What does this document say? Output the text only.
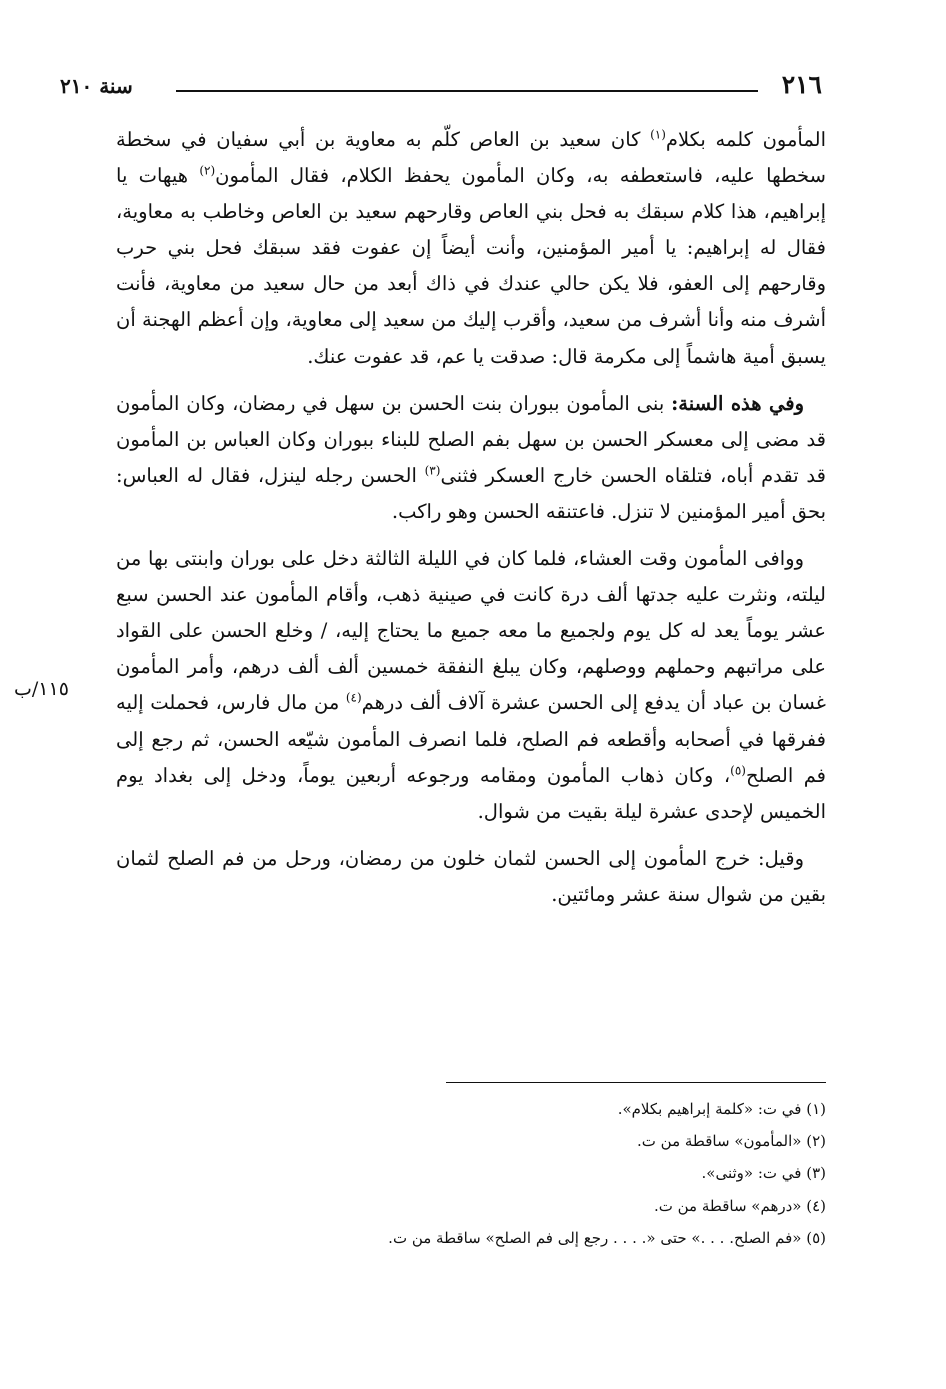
٢١٦
سنة ٢١٠
١١٥/ب

المأمون كلمه بكلام$^{(١)}$ كان سعيد بن العاص كلّم به معاوية بن أبي سفيان في سخطة سخطها عليه، فاستعطفه به، وكان المأمون يحفظ الكلام، فقال المأمون$^{(٢)}$ هيهات يا إبراهيم، هذا كلام سبقك به فحل بني العاص وقارحهم سعيد بن العاص وخاطب به معاوية، فقال له إبراهيم: يا أمير المؤمنين، وأنت أيضاً إن عفوت فقد سبقك فحل بني حرب وقارحهم إلى العفو، فلا يكن حالي عندك في ذاك أبعد من حال سعيد من معاوية، فأنت أشرف منه وأنا أشرف من سعيد، وأقرب إليك من سعيد إلى معاوية، وإن أعظم الهجنة أن يسبق أمية هاشماً إلى مكرمة قال: صدقت يا عم، قد عفوت عنك.

وفي هذه السنة: بنى المأمون ببوران بنت الحسن بن سهل في رمضان، وكان المأمون قد مضى إلى معسكر الحسن بن سهل بفم الصلح للبناء ببوران وكان العباس بن المأمون قد تقدم أباه، فتلقاه الحسن خارج العسكر فثنى$^{(٣)}$ الحسن رجله لينزل، فقال له العباس: بحق أمير المؤمنين لا تنزل. فاعتنقه الحسن وهو راكب.

ووافى المأمون وقت العشاء، فلما كان في الليلة الثالثة دخل على بوران وابنتى بها من ليلته، ونثرت عليه جدتها ألف درة كانت في صينية ذهب، وأقام المأمون عند الحسن سبع عشر يوماً يعد له كل يوم ولجميع ما معه جميع ما يحتاج إليه، / وخلع الحسن على القواد على مراتبهم وحملهم ووصلهم، وكان يبلغ النفقة خمسين ألف ألف درهم، وأمر المأمون غسان بن عباد أن يدفع إلى الحسن عشرة آلاف ألف درهم$^{(٤)}$ من مال فارس، فحملت إليه ففرقها في أصحابه وأقطعه فم الصلح، فلما انصرف المأمون شيّعه الحسن، ثم رجع إلى فم الصلح$^{(٥)}$، وكان ذهاب المأمون ومقامه ورجوعه أربعين يوماً، ودخل إلى بغداد يوم الخميس لإحدى عشرة ليلة بقيت من شوال.

وقيل: خرج المأمون إلى الحسن لثمان خلون من رمضان، ورحل من فم الصلح لثمان بقين من شوال سنة عشر ومائتين.

(١) في ت: «كلمة إبراهيم بكلام».
(٢) «المأمون» ساقطة من ت.
(٣) في ت: «وثنى».
(٤) «درهم» ساقطة من ت.
(٥) «فم الصلح. . . .» حتى «. . . . رجع إلى فم الصلح» ساقطة من ت.
